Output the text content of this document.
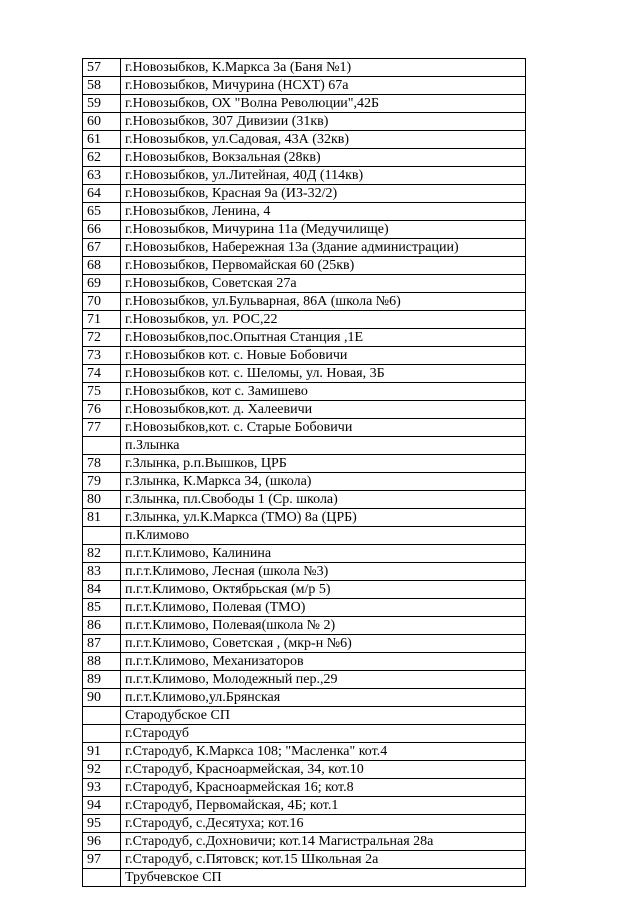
57	г.Новозыбков, К.Маркса 3а (Баня №1)
58	г.Новозыбков, Мичурина (НСХТ) 67а
59	г.Новозыбков, ОХ "Волна Революции",42Б
60	г.Новозыбков, 307 Дивизии (31кв)
61	г.Новозыбков, ул.Садовая, 43А (32кв)
62	г.Новозыбков, Вокзальная (28кв)
63	г.Новозыбков, ул.Литейная, 40Д (114кв)
64	г.Новозыбков, Красная 9а (ИЗ-32/2)
65	г.Новозыбков, Ленина, 4
66	г.Новозыбков, Мичурина 11а (Медучилище)
67	г.Новозыбков, Набережная 13а (Здание администрации)
68	г.Новозыбков, Первомайская 60 (25кв)
69	г.Новозыбков, Советская 27а
70	г.Новозыбков, ул.Бульварная, 86А (школа №6)
71	г.Новозыбков, ул. РОС,22
72	г.Новозыбков,пос.Опытная Станция ,1Е
73	г.Новозыбков кот. с. Новые Бобовичи
74	г.Новозыбков кот. с. Шеломы, ул. Новая, 3Б
75	г.Новозыбков, кот с. Замишево
76	г.Новозыбков,кот. д. Халеевичи
77	г.Новозыбков,кот. с. Старые Бобовичи
	п.Злынка
78	г.Злынка, р.п.Вышков, ЦРБ
79	г.Злынка, К.Маркса 34, (школа)
80	г.Злынка, пл.Свободы 1 (Ср. школа)
81	г.Злынка, ул.К.Маркса (ТМО) 8а (ЦРБ)
	п.Климово
82	п.г.т.Климово, Калинина
83	п.г.т.Климово, Лесная (школа №3)
84	п.г.т.Климово, Октябрьская (м/р 5)
85	п.г.т.Климово, Полевая (ТМО)
86	п.г.т.Климово, Полевая(школа № 2)
87	п.г.т.Климово, Советская , (мкр-н №6)
88	п.г.т.Климово, Механизаторов
89	п.г.т.Климово, Молодежный пер.,29
90	п.г.т.Климово,ул.Брянская
	Стародубское СП
	г.Стародуб
91	г.Стародуб, К.Маркса 108; "Масленка" кот.4
92	г.Стародуб, Красноармейская, 34, кот.10
93	г.Стародуб, Красноармейская 16; кот.8
94	г.Стародуб, Первомайская, 4Б; кот.1
95	г.Стародуб, с.Десятуха; кот.16
96	г.Стародуб, с.Дохновичи; кот.14 Магистральная 28а
97	г.Стародуб, с.Пятовск; кот.15 Школьная 2а
	Трубчевское СП
